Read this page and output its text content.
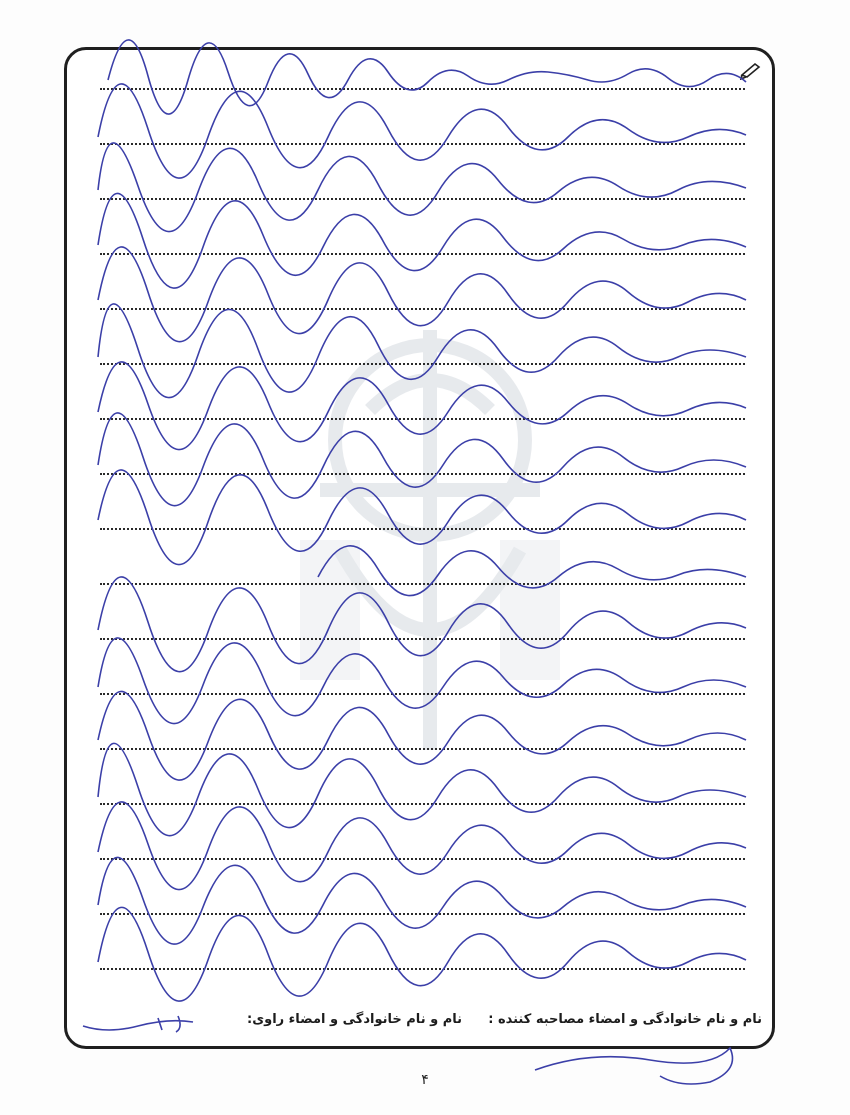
نام و نام خانوادگی و امضاء مصاحبه کننده :
نام و نام خانوادگی و امضاء راوی:
۴
